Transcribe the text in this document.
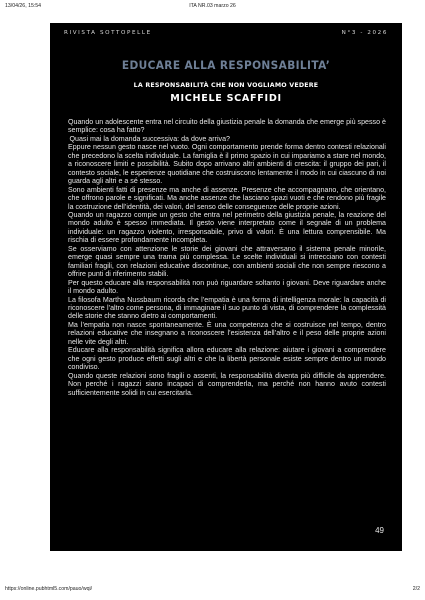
13/04/26, 15:54	ITA NR.03 marzo 26
RIVISTA SOTTOPELLE	N°3 - 2026
EDUCARE ALLA RESPONSABILITA’
LA RESPONSABILITÀ CHE NON VOGLIAMO VEDERE
MICHELE SCAFFIDI

Quando un adolescente entra nel circuito della giustizia penale la domanda che emerge più spesso è semplice: cosa ha fatto?

Quasi mai la domanda successiva: da dove arriva?

Eppure nessun gesto nasce nel vuoto. Ogni comportamento prende forma dentro contesti relazionali che precedono la scelta individuale. La famiglia è il primo spazio in cui impariamo a stare nel mondo, a riconoscere limiti e possibilità. Subito dopo arrivano altri ambienti di crescita: il gruppo dei pari, il contesto sociale, le esperienze quotidiane che costruiscono lentamente il modo in cui ciascuno di noi guarda agli altri e a sé stesso.

Sono ambienti fatti di presenze ma anche di assenze. Presenze che accompagnano, che orientano, che offrono parole e significati. Ma anche assenze che lasciano spazi vuoti e che rendono più fragile la costruzione dell’identità, dei valori, del senso delle conseguenze delle proprie azioni.

Quando un ragazzo compie un gesto che entra nel perimetro della giustizia penale, la reazione del mondo adulto è spesso immediata. Il gesto viene interpretato come il segnale di un problema individuale: un ragazzo violento, irresponsabile, privo di valori. È una lettura comprensibile. Ma rischia di essere profondamente incompleta.

Se osserviamo con attenzione le storie dei giovani che attraversano il sistema penale minorile, emerge quasi sempre una trama più complessa. Le scelte individuali si intrecciano con contesti familiari fragili, con relazioni educative discontinue, con ambienti sociali che non sempre riescono a offrire punti di riferimento stabili.

Per questo educare alla responsabilità non può riguardare soltanto i giovani. Deve riguardare anche il mondo adulto.

La filosofa Martha Nussbaum ricorda che l’empatia è una forma di intelligenza morale: la capacità di riconoscere l’altro come persona, di immaginare il suo punto di vista, di comprendere la complessità delle storie che stanno dietro ai comportamenti.

Ma l’empatia non nasce spontaneamente. È una competenza che si costruisce nel tempo, dentro relazioni educative che insegnano a riconoscere l’esistenza dell’altro e il peso delle proprie azioni nelle vite degli altri.

Educare alla responsabilità significa allora educare alla relazione: aiutare i giovani a comprendere che ogni gesto produce effetti sugli altri e che la libertà personale esiste sempre dentro un mondo condiviso.

Quando queste relazioni sono fragili o assenti, la responsabilità diventa più difficile da apprendere. Non perché i ragazzi siano incapaci di comprenderla, ma perché non hanno avuto contesti sufficientemente solidi in cui esercitarla.

49
https://online.pubhtml5.com/pauo/wqi/	2/2
